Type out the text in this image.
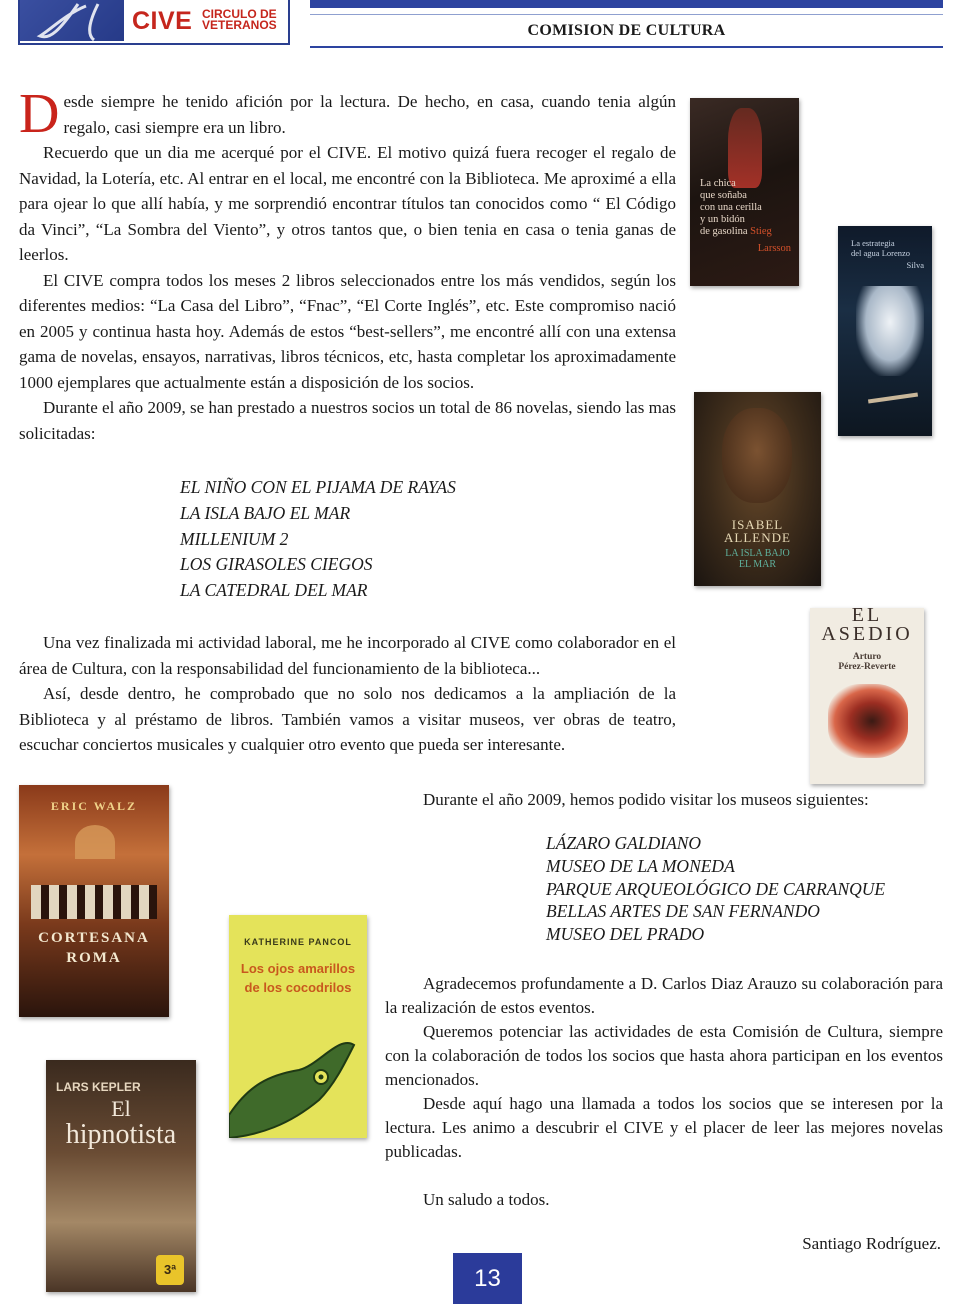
CIVE CIRCULO DE
VETERANOS	COMISION DE CULTURA

Desde siempre he tenido afición por la lectura. De hecho, en casa, cuando tenia algún regalo, casi siempre era un libro.

Recuerdo que un dia me acerqué por el CIVE. El motivo quizá fuera recoger el regalo de Navidad, la Lotería, etc. Al entrar en el local, me encontré con la Biblioteca. Me aproximé a ella para ojear lo que allí había, y me sorprendió encontrar títulos tan conocidos como “ El Código da Vinci”, “La Sombra del Viento”, y otros tantos que, o bien tenia en casa o tenia ganas de leerlos.

El CIVE compra todos los meses 2 libros seleccionados entre los más vendidos, según los diferentes medios: “La Casa del Libro”, “Fnac”, “El Corte Inglés”, etc. Este compromiso nació en 2005 y continua hasta hoy. Además de estos “best-sellers”, me encontré allí con una extensa gama de novelas, ensayos, narrativas, libros técnicos, etc, hasta completar los aproximadamente 1000 ejemplares que actualmente están a disposición de los socios.

Durante el año 2009, se han prestado a nuestros socios un total de 86 novelas, siendo las mas solicitadas:

EL NIÑO CON EL PIJAMA DE RAYAS
LA ISLA BAJO EL MAR
MILLENIUM 2
LOS GIRASOLES CIEGOS
LA CATEDRAL DEL MAR

Una vez finalizada mi actividad laboral, me he incorporado al CIVE como colaborador en el área de Cultura, con la responsabilidad del funcionamiento de la biblioteca...

Así, desde dentro, he comprobado que no solo nos dedicamos a la ampliación de la Biblioteca y al préstamo de libros. También vamos a visitar museos, ver obras de teatro, escuchar conciertos musicales y cualquier otro evento que pueda ser interesante.

Durante el año 2009, hemos podido visitar los museos siguientes:
LÁZARO GALDIANO
MUSEO DE LA MONEDA
PARQUE ARQUEOLÓGICO DE CARRANQUE
BELLAS ARTES DE SAN FERNANDO
MUSEO DEL PRADO

Agradecemos profundamente a D. Carlos Diaz Arauzo su colaboración para la realización de estos eventos.

Queremos potenciar las actividades de esta Comisión de Cultura, siempre con la colaboración de todos los socios que hasta ahora participan en los eventos mencionados.

Desde aquí hago una llamada a todos los socios que se interesen por la lectura. Les animo a descubrir el CIVE y el placer de leer las mejores novelas publicadas.

Un saludo a todos.
Santiago Rodríguez.
La chica
que soñaba
con una cerilla
y un bidón
de gasolina Stieg
Larsson	La estrategia
del agua Lorenzo
Silva
ISABEL
ALLENDE
LA ISLA BAJO
EL MAR
EL
ASEDIO
Arturo
Pérez-Reverte
ERIC WALZ
CORTESANA
ROMA
KATHERINE PANCOL
Los ojos amarillos
de los cocodrilos
LARS KEPLER
El
hipnotista
3ª	13
